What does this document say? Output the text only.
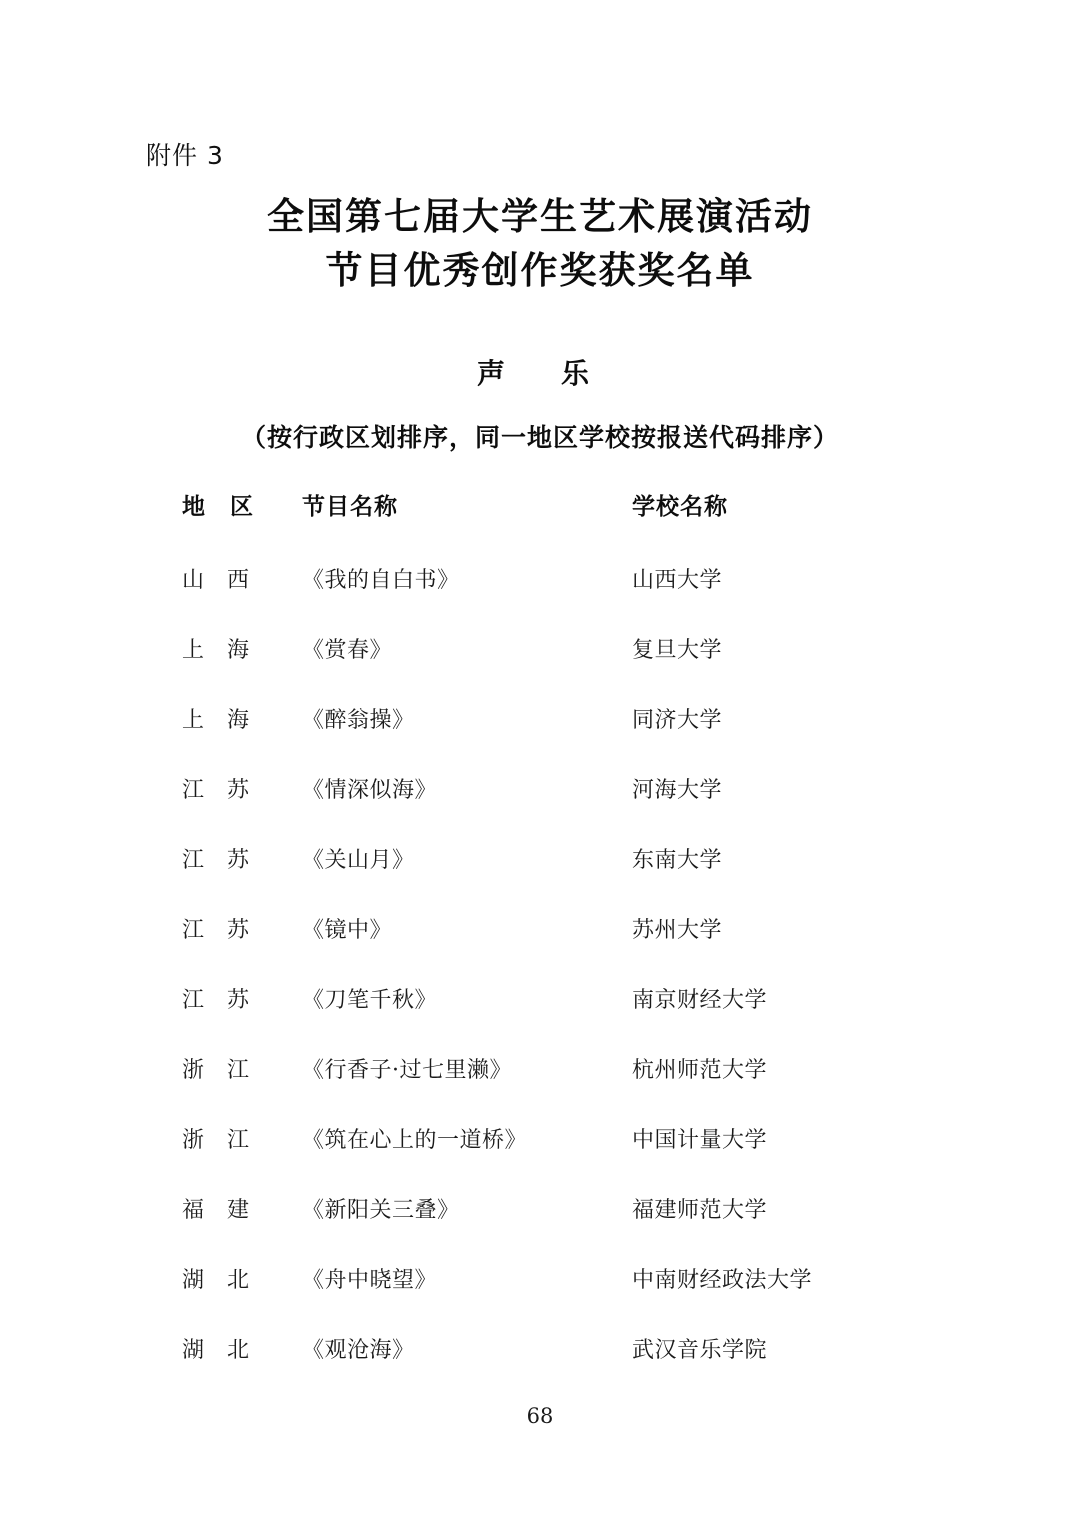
附件 3
全国第七届大学生艺术展演活动
节目优秀创作奖获奖名单
声　乐
（按行政区划排序，同一地区学校按报送代码排序）
地　区	节目名称	学校名称
山　西	《我的自白书》	山西大学
上　海	《赏春》	复旦大学
上　海	《醉翁操》	同济大学
江　苏	《情深似海》	河海大学
江　苏	《关山月》	东南大学
江　苏	《镜中》	苏州大学
江　苏	《刀笔千秋》	南京财经大学
浙　江	《行香子·过七里濑》	杭州师范大学
浙　江	《筑在心上的一道桥》	中国计量大学
福　建	《新阳关三叠》	福建师范大学
湖　北	《舟中晓望》	中南财经政法大学
湖　北	《观沧海》	武汉音乐学院
68
